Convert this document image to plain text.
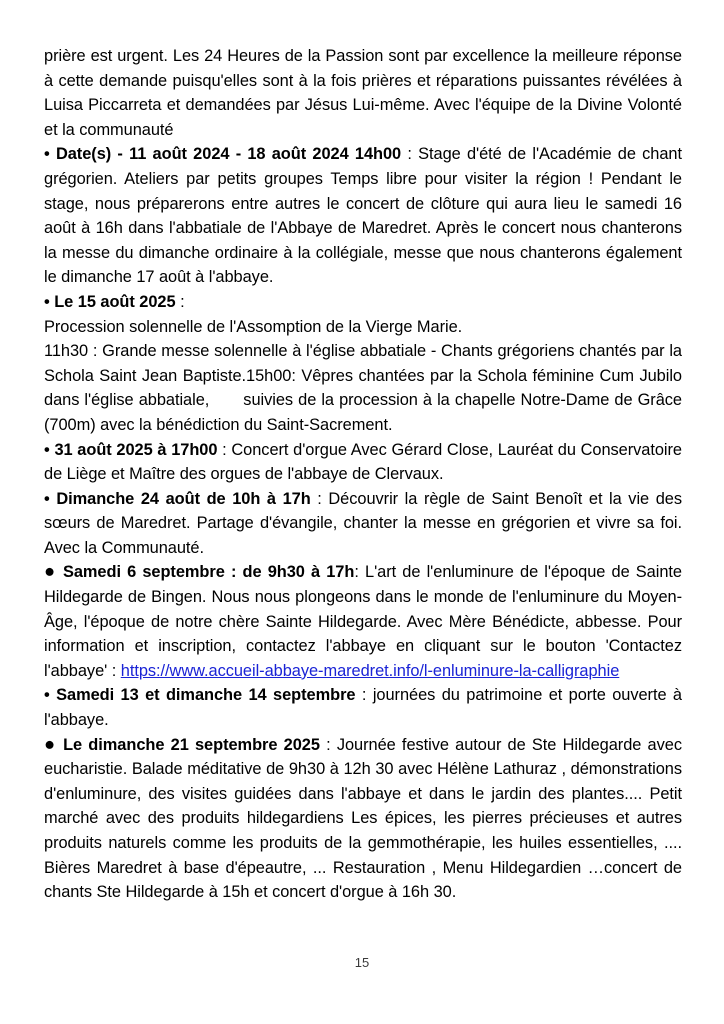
prière est urgent. Les 24 Heures de la Passion sont par excellence la meilleure réponse à cette demande puisqu'elles sont à la fois prières et réparations puissantes révélées à Luisa Piccarreta et demandées par Jésus Lui-même. Avec l'équipe de la Divine Volonté et la communauté

• Date(s) - 11 août 2024 - 18 août 2024 14h00 : Stage d'été de l'Académie de chant grégorien. Ateliers par petits groupes Temps libre pour visiter la région ! Pendant le stage, nous préparerons entre autres le concert de clôture qui aura lieu le samedi 16 août à 16h dans l'abbatiale de l'Abbaye de Maredret. Après le concert nous chanterons la messe du dimanche ordinaire à la collégiale, messe que nous chanterons également le dimanche 17 août à l'abbaye.

• Le 15 août 2025 :

Procession solennelle de l'Assomption de la Vierge Marie.

11h30 : Grande messe solennelle à l'église abbatiale - Chants grégoriens chantés par la Schola Saint Jean Baptiste.15h00: Vêpres chantées par la Schola féminine Cum Jubilo dans l'église abbatiale, suivies de la procession à la chapelle Notre-Dame de Grâce (700m) avec la bénédiction du Saint-Sacrement.

• 31 août 2025 à 17h00 : Concert d'orgue Avec Gérard Close, Lauréat du Conservatoire de Liège et Maître des orgues de l'abbaye de Clervaux.

• Dimanche 24 août de 10h à 17h : Découvrir la règle de Saint Benoît et la vie des sœurs de Maredret. Partage d'évangile, chanter la messe en grégorien et vivre sa foi. Avec la Communauté.

● Samedi 6 septembre : de 9h30 à 17h: L'art de l'enluminure de l'époque de Sainte Hildegarde de Bingen. Nous nous plongeons dans le monde de l'enluminure du Moyen-Âge, l'époque de notre chère Sainte Hildegarde. Avec Mère Bénédicte, abbesse. Pour information et inscription, contactez l'abbaye en cliquant sur le bouton 'Contactez l'abbaye' : https://www.accueil-abbaye-maredret.info/l-enluminure-la-calligraphie

• Samedi 13 et dimanche 14 septembre : journées du patrimoine et porte ouverte à l'abbaye.

● Le dimanche 21 septembre 2025 : Journée festive autour de Ste Hildegarde avec eucharistie. Balade méditative de 9h30 à 12h 30 avec Hélène Lathuraz , démonstrations d'enluminure, des visites guidées dans l'abbaye et dans le jardin des plantes.... Petit marché avec des produits hildegardiens Les épices, les pierres précieuses et autres produits naturels comme les produits de la gemmothérapie, les huiles essentielles, .... Bières Maredret à base d'épeautre, ... Restauration , Menu Hildegardien …concert de chants Ste Hildegarde à 15h et concert d'orgue à 16h 30.

15
